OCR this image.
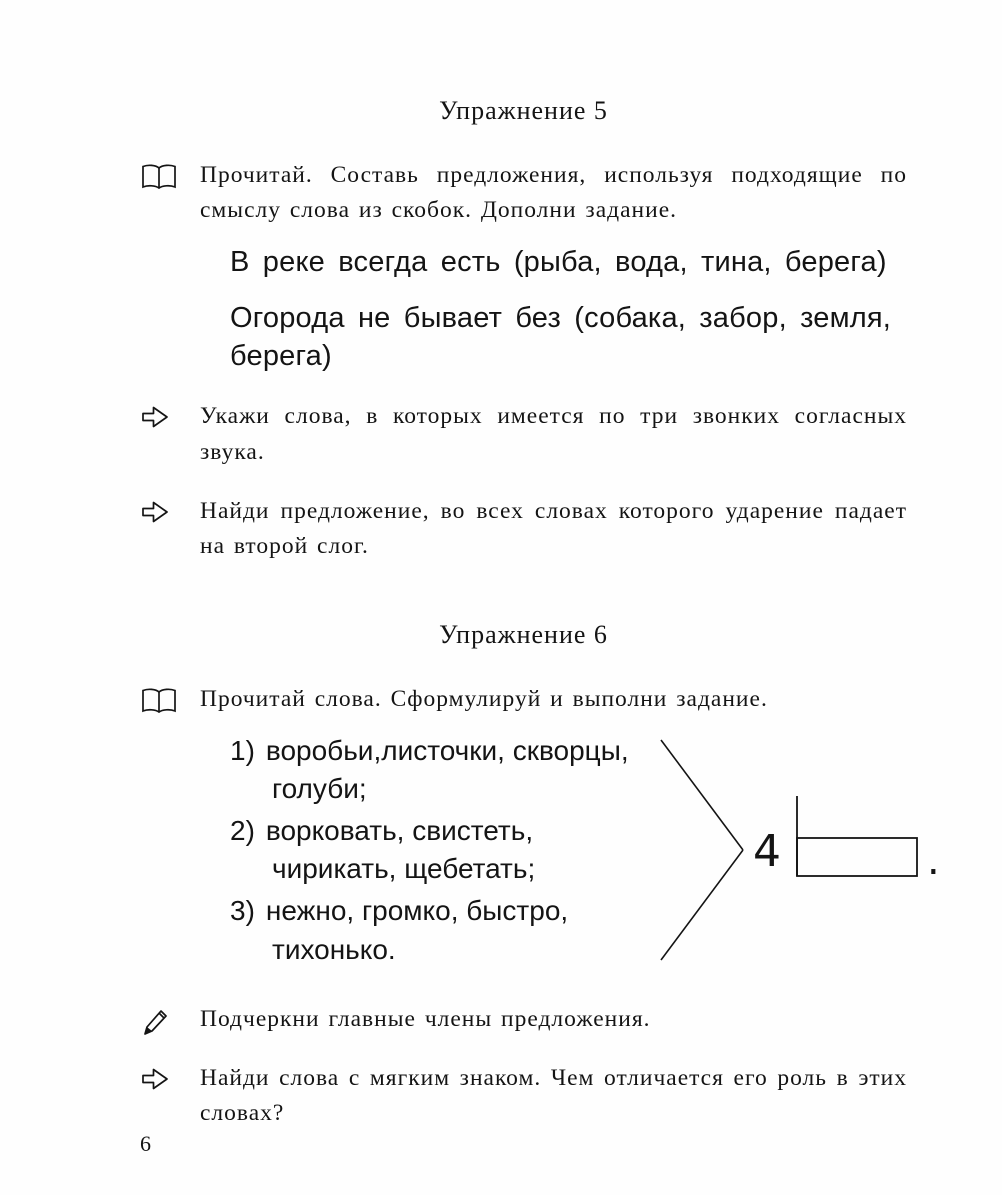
Упражнение 5

Прочитай. Составь предложения, используя подходящие по смыслу слова из скобок. Дополни задание.

В реке всегда есть (рыба, вода, тина, берега)

Огорода не бывает без (собака, забор, земля, берега)

Укажи слова, в которых имеется по три звонких согласных звука.

Найди предложение, во всех словах которого ударение падает на второй слог.

Упражнение 6

Прочитай слова. Сформулируй и выполни задание.

1) воробьи,листочки, скворцы, голуби;

2) ворковать, свистеть, чирикать, щебетать;

3) нежно, громко, быстро, тихонько.

4	.

Подчеркни главные члены предложения.

Найди слова с мягким знаком. Чем отличается его роль в этих словах?

6
